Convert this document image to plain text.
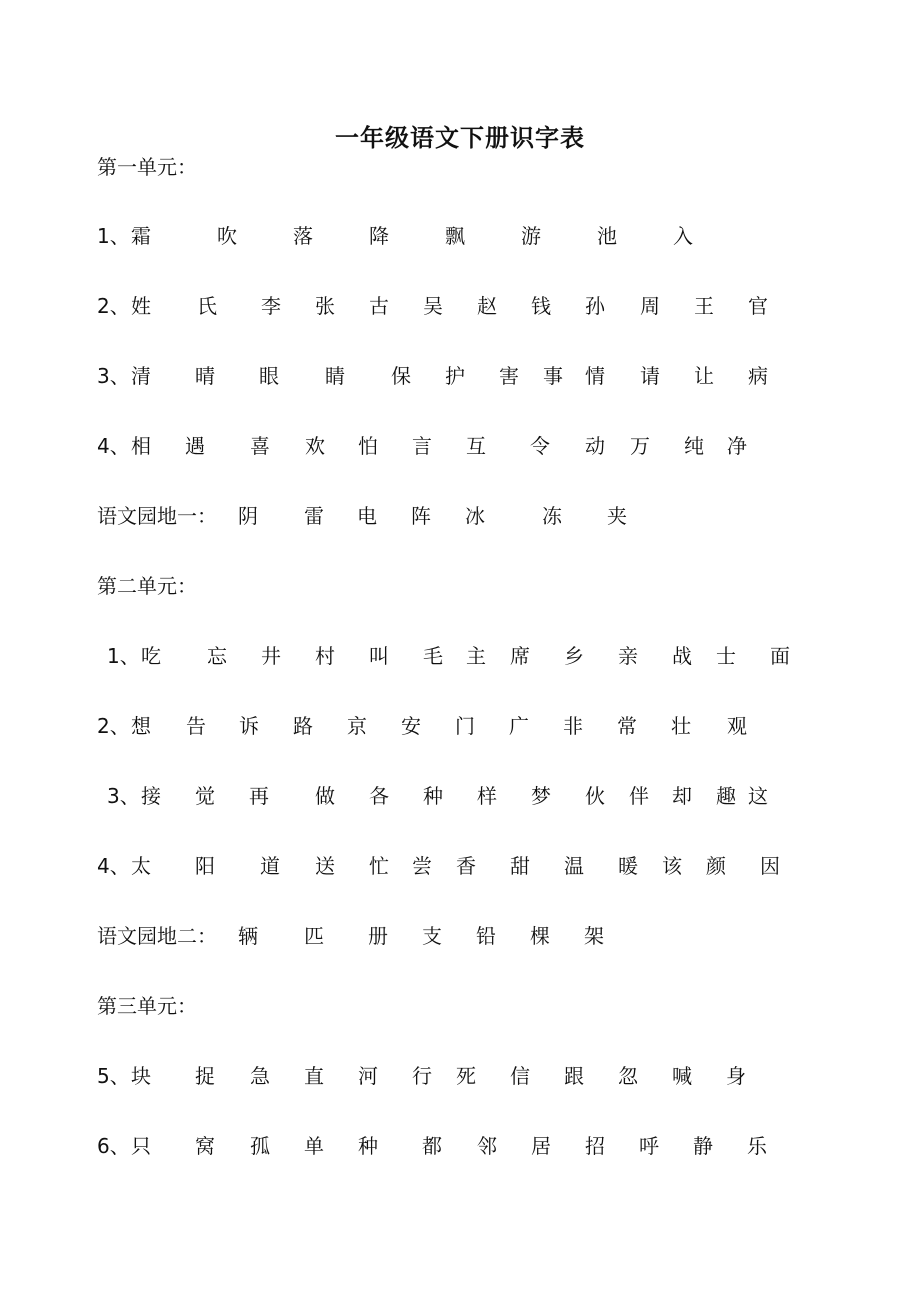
一年级语文下册识字表
第一单元：
1、 霜	吹	落	降	飘	游	池	入
2、 姓 氏 李 张 古 吴 赵 钱 孙 周 王 官
3、 清 晴 眼 睛 保 护 害 事 情 请 让 病
4、 相 遇 喜 欢 怕 言 互 令 动 万 纯 净
语文园地一： 阴 雷 电 阵 冰	冻 夹
第二单元：
1、 吃 忘 井 村 叫 毛 主 席 乡 亲 战 士 面
2、 想 告 诉 路 京 安 门 广 非 常 壮 观
3、 接 觉 再 做 各 种 样 梦 伙 伴 却 趣 这
4、 太 阳 道 送 忙 尝 香 甜 温 暖 该 颜 因
语文园地二： 辆 匹 册 支 铅 棵 架
第三单元：
5、 块 捉 急 直 河 行 死 信 跟 忽 喊 身
6、 只 窝 孤 单 种 都 邻 居 招 呼 静 乐
